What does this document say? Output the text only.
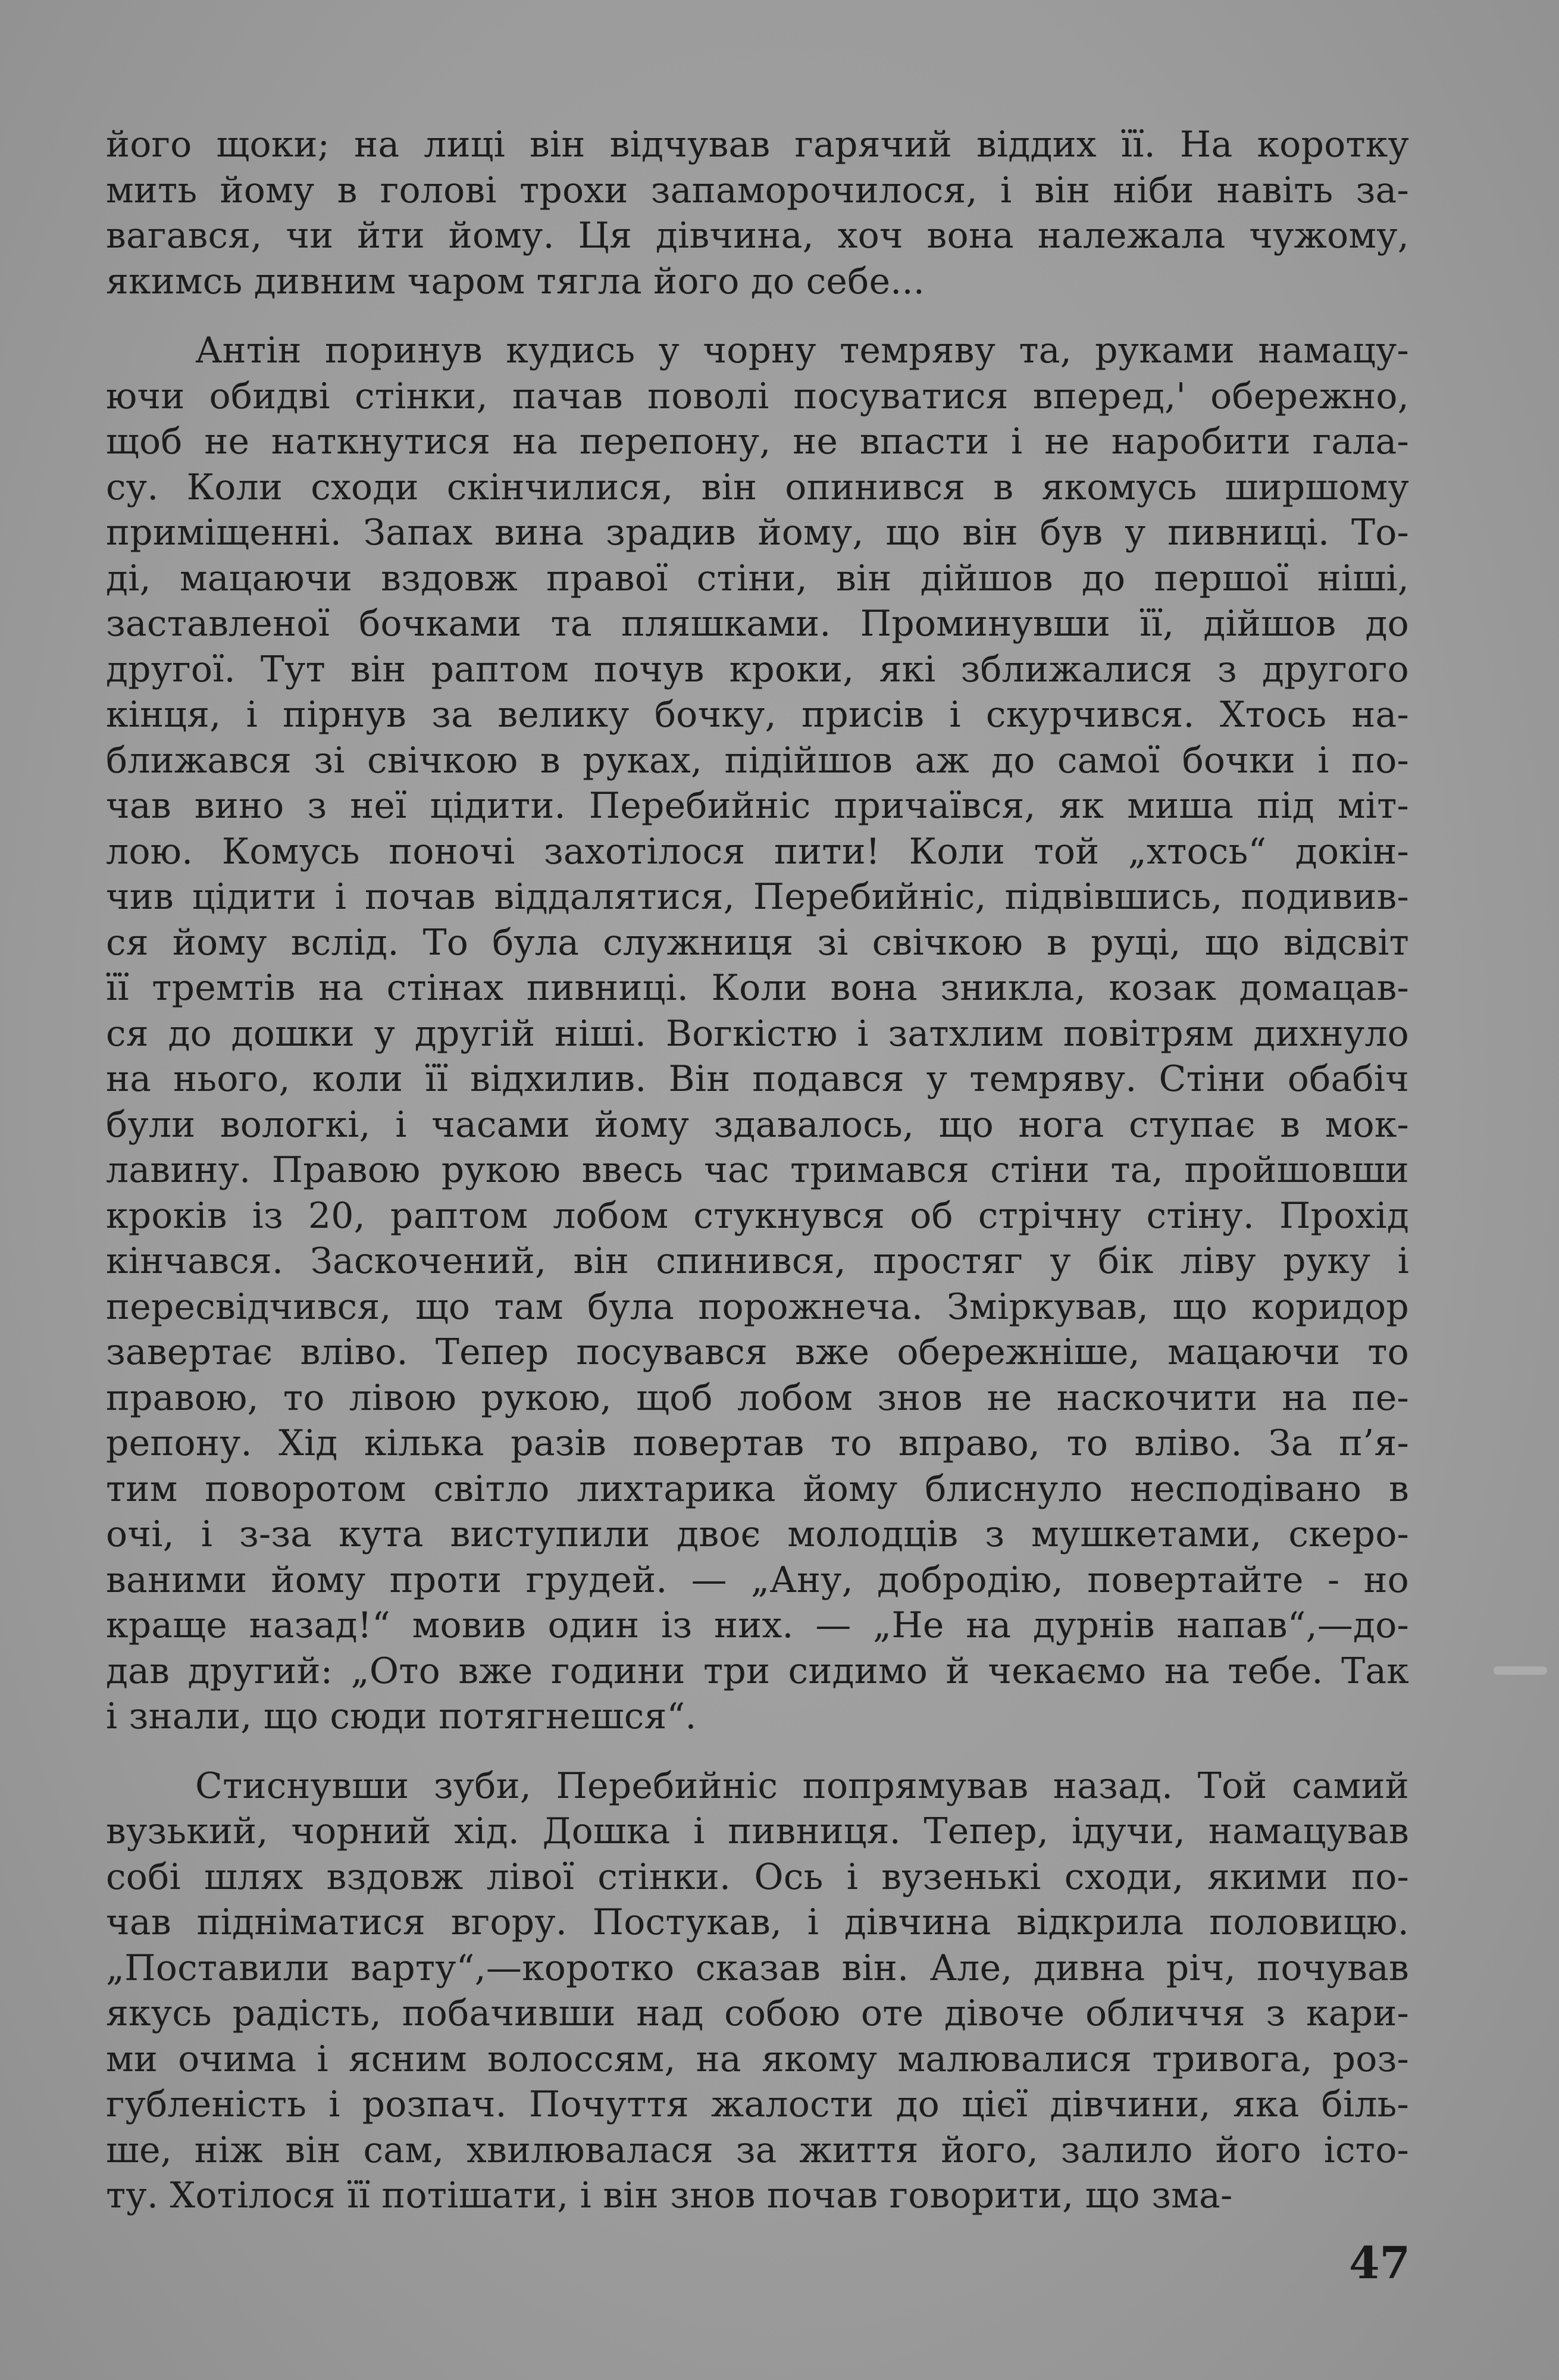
його щоки; на лиці він відчував гарячий віддих її. На коротку
мить йому в голові трохи запаморочилося, і він ніби навіть за-
вагався, чи йти йому. Ця дівчина, хоч вона належала чужому,
якимсь дивним чаром тягла його до себе...
Антін поринув кудись у чорну темряву та, руками намацу-
ючи обидві стінки, пачав поволі посуватися вперед,' обережно,
щоб не наткнутися на перепону, не впасти і не наробити гала-
су. Коли сходи скінчилися, він опинився в якомусь ширшому
приміщенні. Запах вина зрадив йому, що він був у пивниці. То-
ді, мацаючи вздовж правої стіни, він дійшов до першої ніші,
заставленої бочками та пляшками. Проминувши її, дійшов до
другої. Тут він раптом почув кроки, які зближалися з другого
кінця, і пірнув за велику бочку, присів і скурчився. Хтось на-
ближався зі свічкою в руках, підійшов аж до самої бочки і по-
чав вино з неї цідити. Перебийніс причаївся, як миша під міт-
лою. Комусь поночі захотілося пити! Коли той „хтось“ докін-
чив цідити і почав віддалятися, Перебийніс, підвівшись, подивив-
ся йому вслід. То була служниця зі свічкою в руці, що відсвіт
її тремтів на стінах пивниці. Коли вона зникла, козак домацав-
ся до дошки у другій ніші. Вогкістю і затхлим повітрям дихнуло
на нього, коли її відхилив. Він подався у темряву. Стіни обабіч
були вологкі, і часами йому здавалось, що нога ступає в мок-
лавину. Правою рукою ввесь час тримався стіни та, пройшовши
кроків із 20, раптом лобом стукнувся об стрічну стіну. Прохід
кінчався. Заскочений, він спинився, простяг у бік ліву руку і
пересвідчився, що там була порожнеча. Зміркував, що коридор
завертає вліво. Тепер посувався вже обережніше, мацаючи то
правою, то лівою рукою, щоб лобом знов не наскочити на пе-
репону. Хід кілька разів повертав то вправо, то вліво. За п’я-
тим поворотом світло лихтарика йому блиснуло несподівано в
очі, і з-за кута виступили двоє молодців з мушкетами, скеро-
ваними йому проти грудей. — „Ану, добродію, повертайте - но
краще назад!“ мовив один із них. — „Не на дурнів напав“,—до-
дав другий: „Ото вже години три сидимо й чекаємо на тебе. Так
і знали, що сюди потягнешся“.
Стиснувши зуби, Перебийніс попрямував назад. Той самий
вузький, чорний хід. Дошка і пивниця. Тепер, ідучи, намацував
собі шлях вздовж лівої стінки. Ось і вузенькі сходи, якими по-
чав підніматися вгору. Постукав, і дівчина відкрила половицю.
„Поставили варту“,—коротко сказав він. Але, дивна річ, почував
якусь радість, побачивши над собою оте дівоче обличчя з кари-
ми очима і ясним волоссям, на якому малювалися тривога, роз-
губленість і розпач. Почуття жалости до цієї дівчини, яка біль-
ше, ніж він сам, хвилювалася за життя його, залило його істо-
ту. Хотілося її потішати, і він знов почав говорити, що зма-
47
